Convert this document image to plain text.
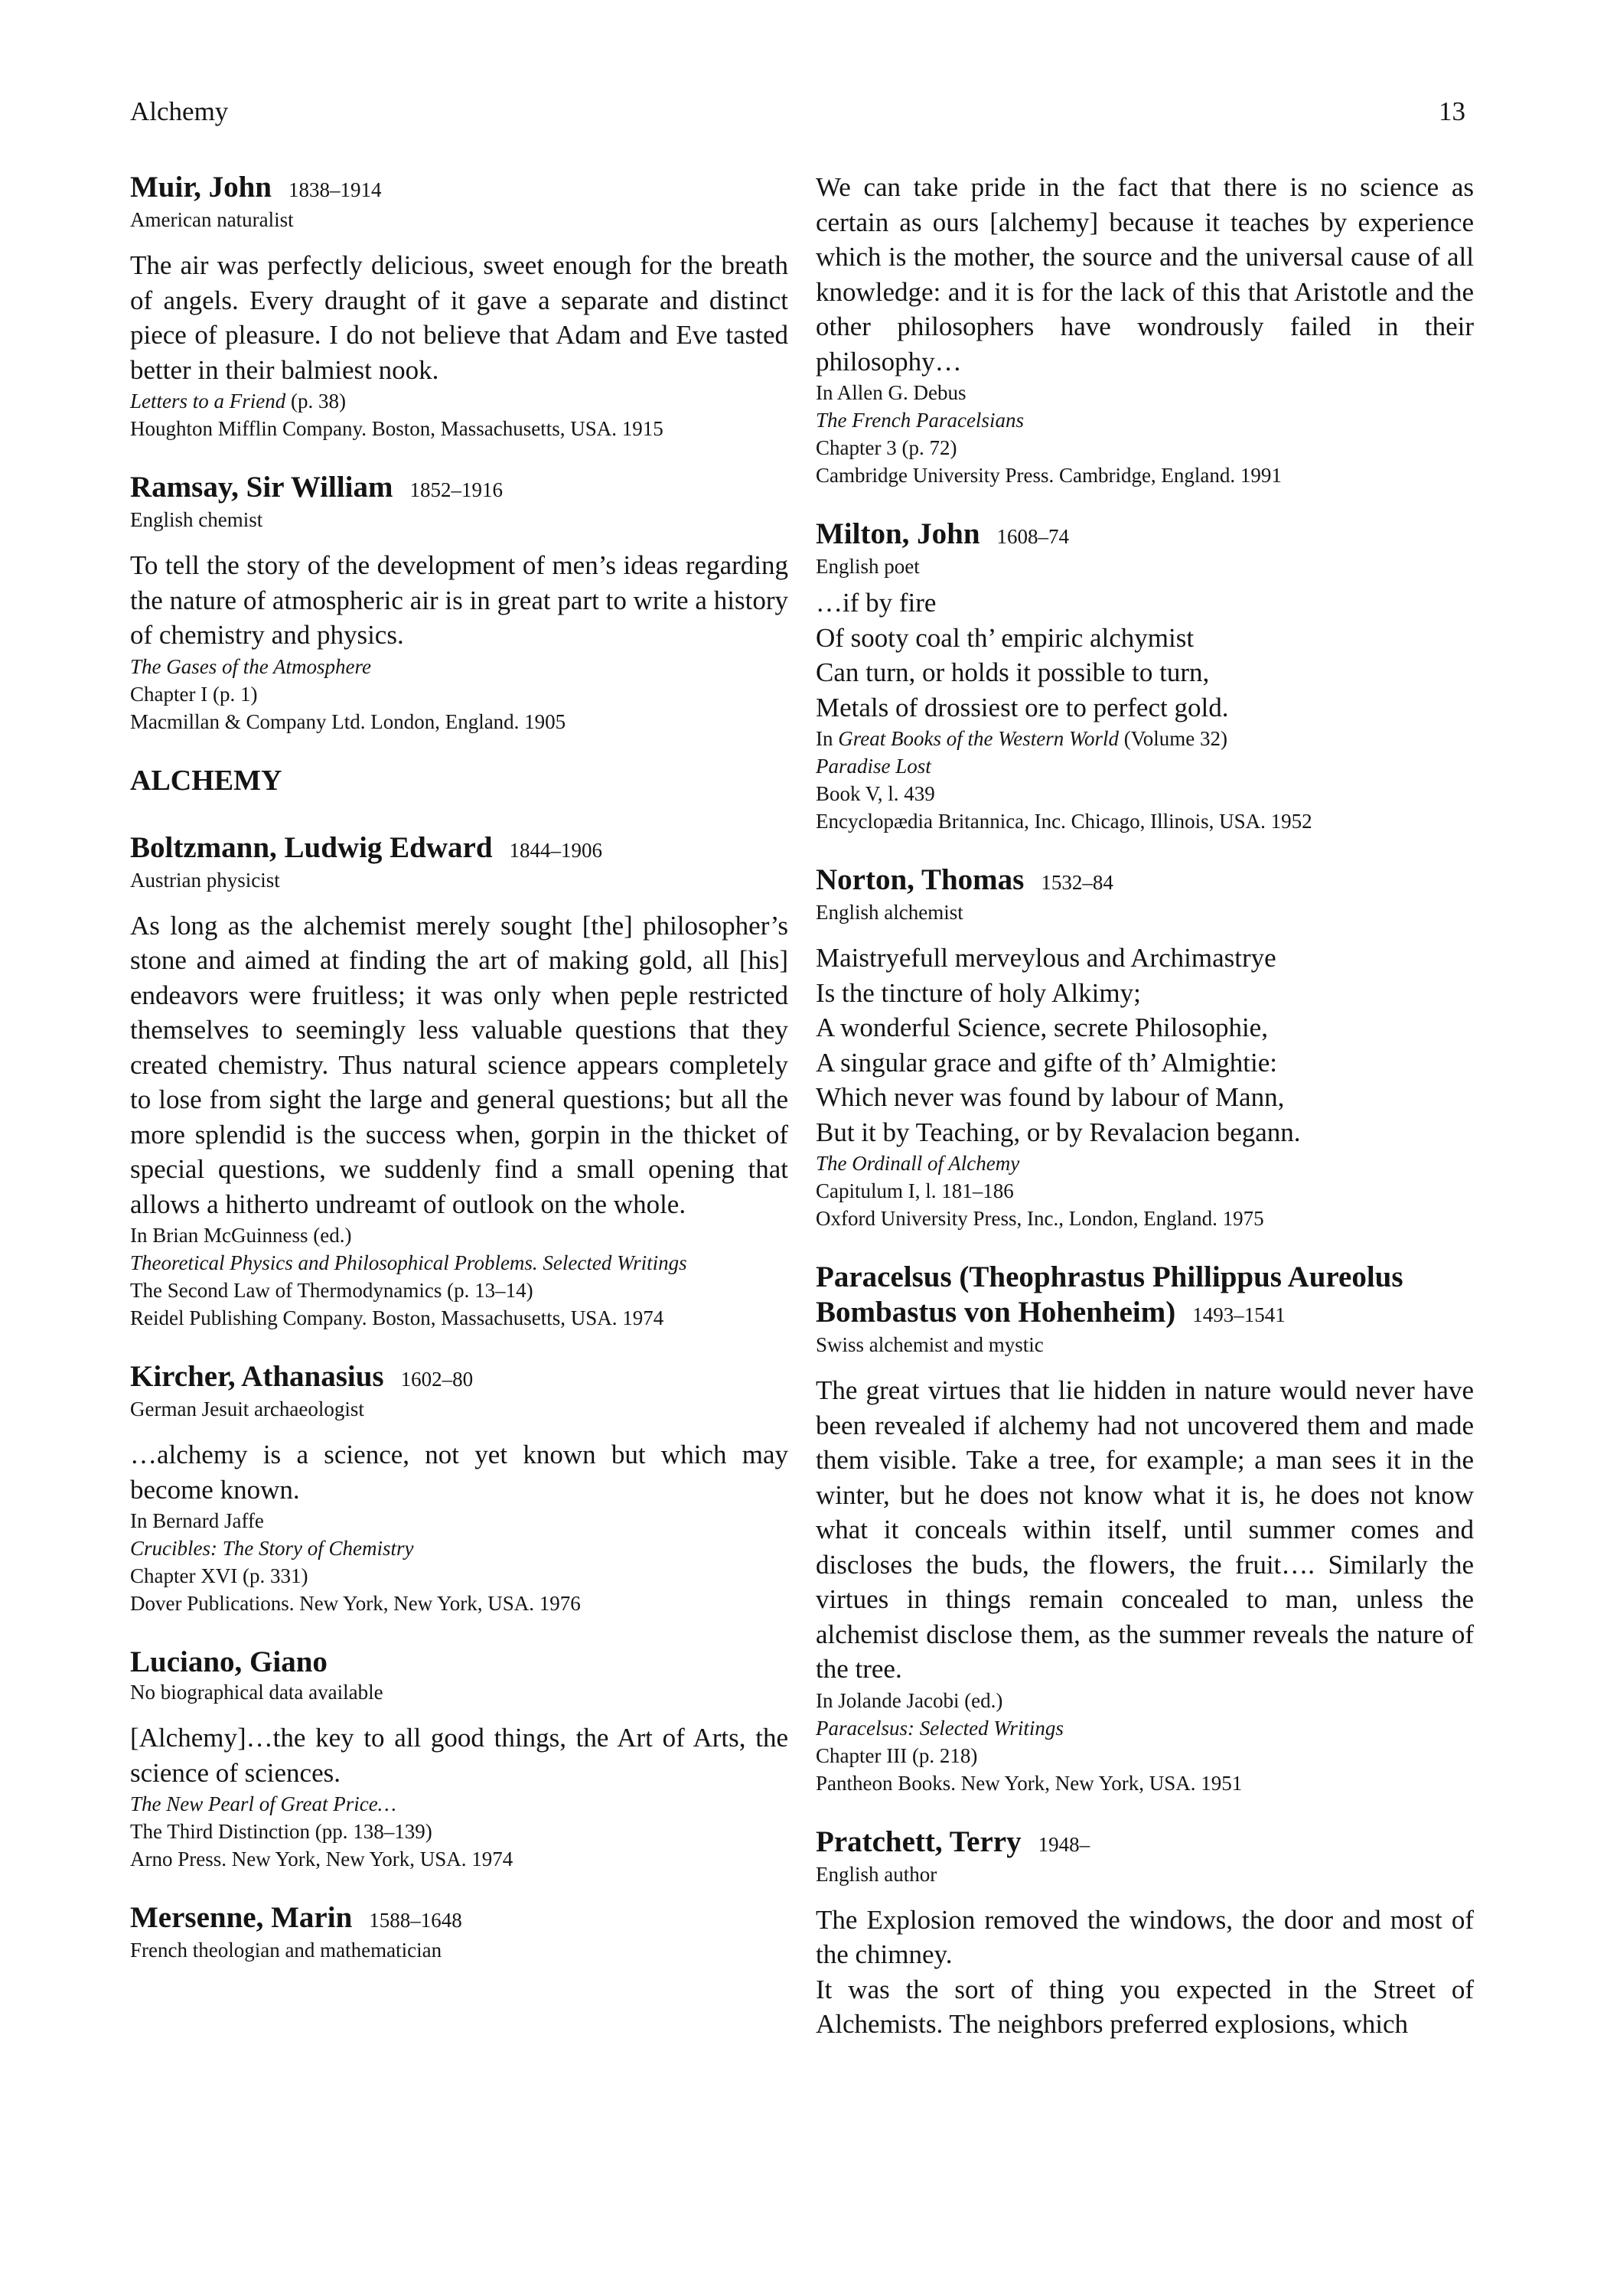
Alchemy	13
Muir, John 1838–1914
American naturalist
The air was perfectly delicious, sweet enough for the breath of angels. Every draught of it gave a separate and distinct piece of pleasure. I do not believe that Adam and Eve tasted better in their balmiest nook.
Letters to a Friend (p. 38)
Houghton Mifflin Company. Boston, Massachusetts, USA. 1915
Ramsay, Sir William 1852–1916
English chemist
To tell the story of the development of men’s ideas regarding the nature of atmospheric air is in great part to write a history of chemistry and physics.
The Gases of the Atmosphere
Chapter I (p. 1)
Macmillan & Company Ltd. London, England. 1905
ALCHEMY
Boltzmann, Ludwig Edward 1844–1906
Austrian physicist
As long as the alchemist merely sought [the] philosopher’s stone and aimed at finding the art of making gold, all [his] endeavors were fruitless; it was only when peple restricted themselves to seemingly less valuable questions that they created chemistry. Thus natural science appears completely to lose from sight the large and general questions; but all the more splendid is the success when, gorpin in the thicket of special questions, we suddenly find a small opening that allows a hitherto undreamt of outlook on the whole.
In Brian McGuinness (ed.)
Theoretical Physics and Philosophical Problems. Selected Writings
The Second Law of Thermodynamics (p. 13–14)
Reidel Publishing Company. Boston, Massachusetts, USA. 1974
Kircher, Athanasius 1602–80
German Jesuit archaeologist
…alchemy is a science, not yet known but which may become known.
In Bernard Jaffe
Crucibles: The Story of Chemistry
Chapter XVI (p. 331)
Dover Publications. New York, New York, USA. 1976
Luciano, Giano
No biographical data available
[Alchemy]…the key to all good things, the Art of Arts, the science of sciences.
The New Pearl of Great Price…
The Third Distinction (pp. 138–139)
Arno Press. New York, New York, USA. 1974
Mersenne, Marin 1588–1648
French theologian and mathematician
We can take pride in the fact that there is no science as certain as ours [alchemy] because it teaches by experience which is the mother, the source and the universal cause of all knowledge: and it is for the lack of this that Aristotle and the other philosophers have wondrously failed in their philosophy…
In Allen G. Debus
The French Paracelsians
Chapter 3 (p. 72)
Cambridge University Press. Cambridge, England. 1991
Milton, John 1608–74
English poet
…if by fire
Of sooty coal th’ empiric alchymist
Can turn, or holds it possible to turn,
Metals of drossiest ore to perfect gold.
In Great Books of the Western World (Volume 32)
Paradise Lost
Book V, l. 439
Encyclopædia Britannica, Inc. Chicago, Illinois, USA. 1952
Norton, Thomas 1532–84
English alchemist
Maistryefull merveylous and Archimastrye
Is the tincture of holy Alkimy;
A wonderful Science, secrete Philosophie,
A singular grace and gifte of th’ Almightie:
Which never was found by labour of Mann,
But it by Teaching, or by Revalacion begann.
The Ordinall of Alchemy
Capitulum I, l. 181–186
Oxford University Press, Inc., London, England. 1975
Paracelsus (Theophrastus Phillippus Aureolus
Bombastus von Hohenheim) 1493–1541
Swiss alchemist and mystic
The great virtues that lie hidden in nature would never have been revealed if alchemy had not uncovered them and made them visible. Take a tree, for example; a man sees it in the winter, but he does not know what it is, he does not know what it conceals within itself, until summer comes and discloses the buds, the flowers, the fruit…. Similarly the virtues in things remain concealed to man, unless the alchemist disclose them, as the summer reveals the nature of the tree.
In Jolande Jacobi (ed.)
Paracelsus: Selected Writings
Chapter III (p. 218)
Pantheon Books. New York, New York, USA. 1951
Pratchett, Terry 1948–
English author
The Explosion removed the windows, the door and most of the chimney.
It was the sort of thing you expected in the Street of Alchemists. The neighbors preferred explosions, which
